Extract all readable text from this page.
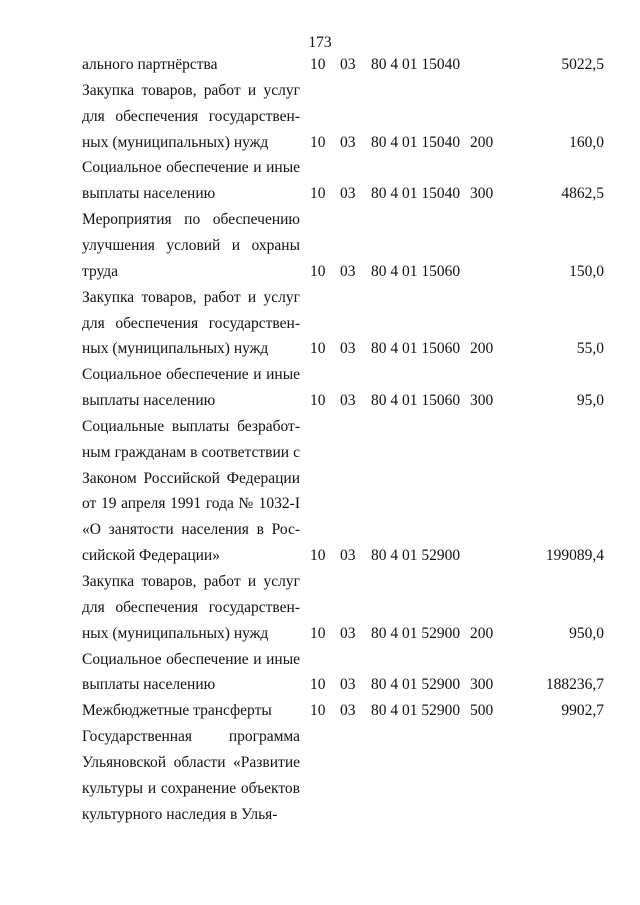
173
ального партнёрства	10 03 80 4 01 15040	5022,5
Закупка товаров, работ и услуг
для обеспечения государствен-
ных (муниципальных) нужд	10 03 80 4 01 15040 200	160,0
Социальное обеспечение и иные
выплаты населению	10 03 80 4 01 15040 300	4862,5
Мероприятия по обеспечению
улучшения условий и охраны
труда	10 03 80 4 01 15060	150,0
Закупка товаров, работ и услуг
для обеспечения государствен-
ных (муниципальных) нужд	10 03 80 4 01 15060 200	55,0
Социальное обеспечение и иные
выплаты населению	10 03 80 4 01 15060 300	95,0
Социальные выплаты безработ-
ным гражданам в соответствии с
Законом Российской Федерации
от 19 апреля 1991 года № 1032-I
«О занятости населения в Рос-
сийской Федерации»	10 03 80 4 01 52900	199089,4
Закупка товаров, работ и услуг
для обеспечения государствен-
ных (муниципальных) нужд	10 03 80 4 01 52900 200	950,0
Социальное обеспечение и иные
выплаты населению	10 03 80 4 01 52900 300	188236,7
Межбюджетные трансферты	10 03 80 4 01 52900 500	9902,7
Государственная программа
Ульяновской области «Развитие
культуры и сохранение объектов
культурного наследия в Улья-
